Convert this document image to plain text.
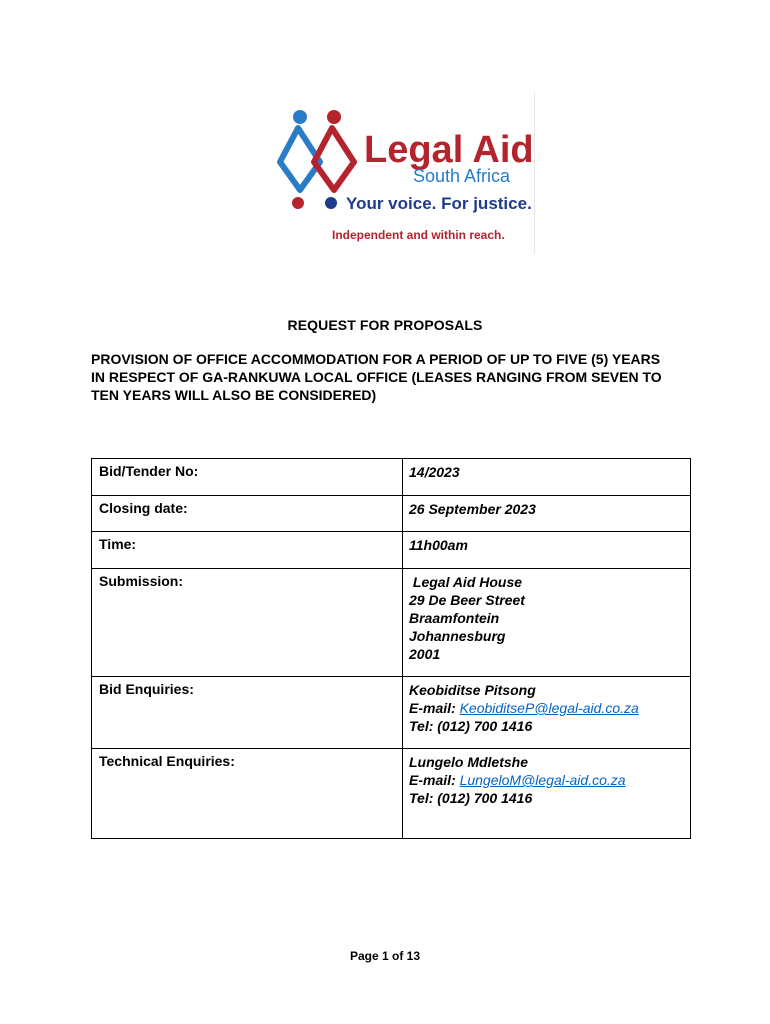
Legal Aid
South Africa
Your voice. For justice.
Independent and within reach.
REQUEST FOR PROPOSALS
PROVISION OF OFFICE ACCOMMODATION FOR A PERIOD OF UP TO FIVE (5) YEARS
IN RESPECT OF GA-RANKUWA LOCAL OFFICE (LEASES RANGING FROM SEVEN TO
TEN YEARS WILL ALSO BE CONSIDERED)
Bid/Tender No:	14/2023

Closing date:	26 September 2023

Time:	11h00am

Submission:	Legal Aid House
29 De Beer Street
Braamfontein
Johannesburg
2001

Bid Enquiries:	Keobiditse Pitsong
E-mail: KeobiditseP@legal-aid.co.za
Tel: (012) 700 1416

Technical Enquiries:	Lungelo Mdletshe
E-mail: LungeloM@legal-aid.co.za
Tel: (012) 700 1416
Page 1 of 13
